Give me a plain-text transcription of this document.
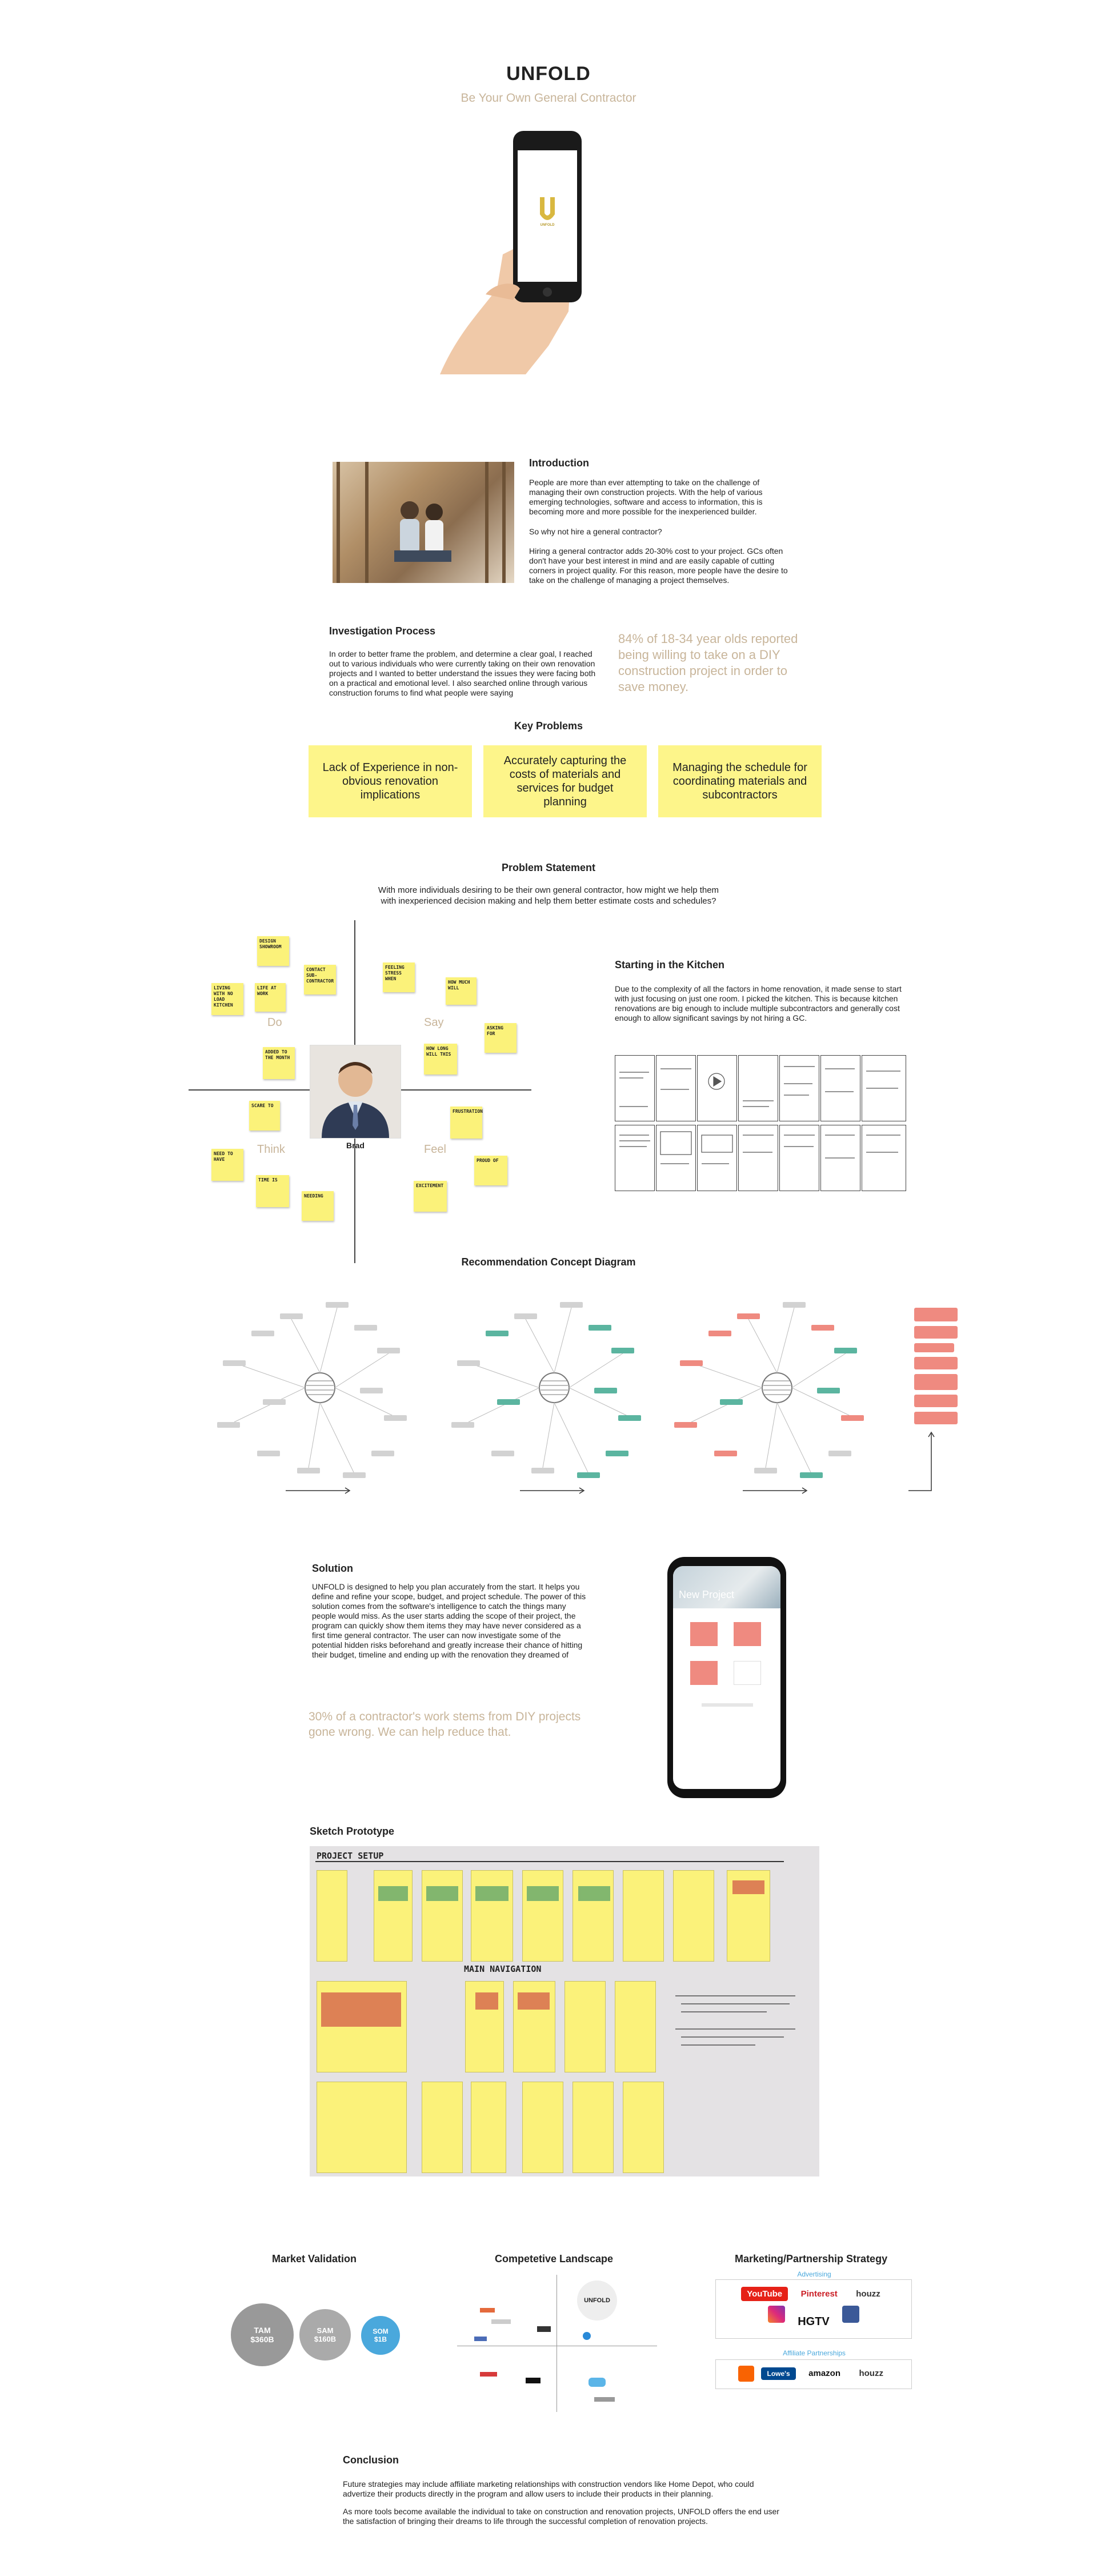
UNFOLD
Be Your Own General Contractor
UNFOLD
Introduction
People are more than ever attempting to take on the challenge of managing their own construction projects. With the help of various emerging technologies, software and access to information, this is becoming more and more possible for the inexperienced builder.
So why not hire a general contractor?
Hiring a general contractor adds 20-30% cost to your project. GCs often don't have your best interest in mind and are easily capable of cutting corners in project quality. For this reason, more people have the desire to take on the challenge of managing a project themselves.
Investigation Process
In order to better frame the problem, and determine a clear goal, I reached out to various individuals who were currently taking on their own renovation projects and I wanted to better understand the issues they were facing both on a practical and emotional level. I also searched online through various construction forums to find what people were saying
84% of 18-34 year olds reported being willing to take on a DIY construction project in order to save money.
Key Problems
Lack of Experience in non-obvious renovation implications
Accurately capturing the costs of materials and services for budget planning
Managing the schedule for coordinating materials and subcontractors
Problem Statement
With more individuals desiring to be their own general contractor, how might we help them with inexperienced decision making and help them better estimate costs and schedules?
Do	Say
Think	Feel
Brad
DESIGN SHOWROOM
CONTACT SUB-CONTRACTOR
LIVING WITH NO LOAD KITCHEN
LIFE AT WORK
ADDED TO THE MONTH
FEELING STRESS WHEN
HOW MUCH WILL
ASKING FOR
HOW LONG WILL THIS
SCARE TO
NEED TO HAVE
TIME IS
NEEDING
FRUSTRATION
PROUD OF
EXCITEMENT
Starting in the Kitchen
Due to the complexity of all the factors in home renovation, it made sense to start with just focusing on just one room. I picked the kitchen. This is because kitchen renovations are big enough to include multiple subcontractors and generally cost enough to allow significant savings by not hiring a GC.
Recommendation Concept Diagram
Solution
UNFOLD is designed to help you plan accurately from the start. It helps you define and refine your scope, budget, and project schedule. The power of this solution comes from the software's intelligence to catch the things many people would miss. As the user starts adding the scope of their project, the program can quickly show them items they may have never considered as a first time general contractor. The user can now investigate some of the potential hidden risks beforehand and greatly increase their chance of hitting their budget, timeline and ending up with the renovation they dreamed of
30% of a contractor's work stems from DIY projects gone wrong. We can help reduce that.
New Project
Sketch Prototype
PROJECT SETUP
MAIN NAVIGATION
Market Validation
TAM
$360B
SAM
$160B
SOM
$1B
Competetive Landscape
UNFOLD
Marketing/Partnership Strategy
Advertising
YouTube Pinterest houzz
HGTV
Affiliate Partnerships
Lowe's amazon houzz
Conclusion
Future strategies may include affiliate marketing relationships with construction vendors like Home Depot, who could advertize their products directly in the program and allow users to include their products in their planning.
As more tools become available the individual to take on construction and renovation projects, UNFOLD offers the end user the satisfaction of bringing their dreams to life through the successful completion of renovation projects.
